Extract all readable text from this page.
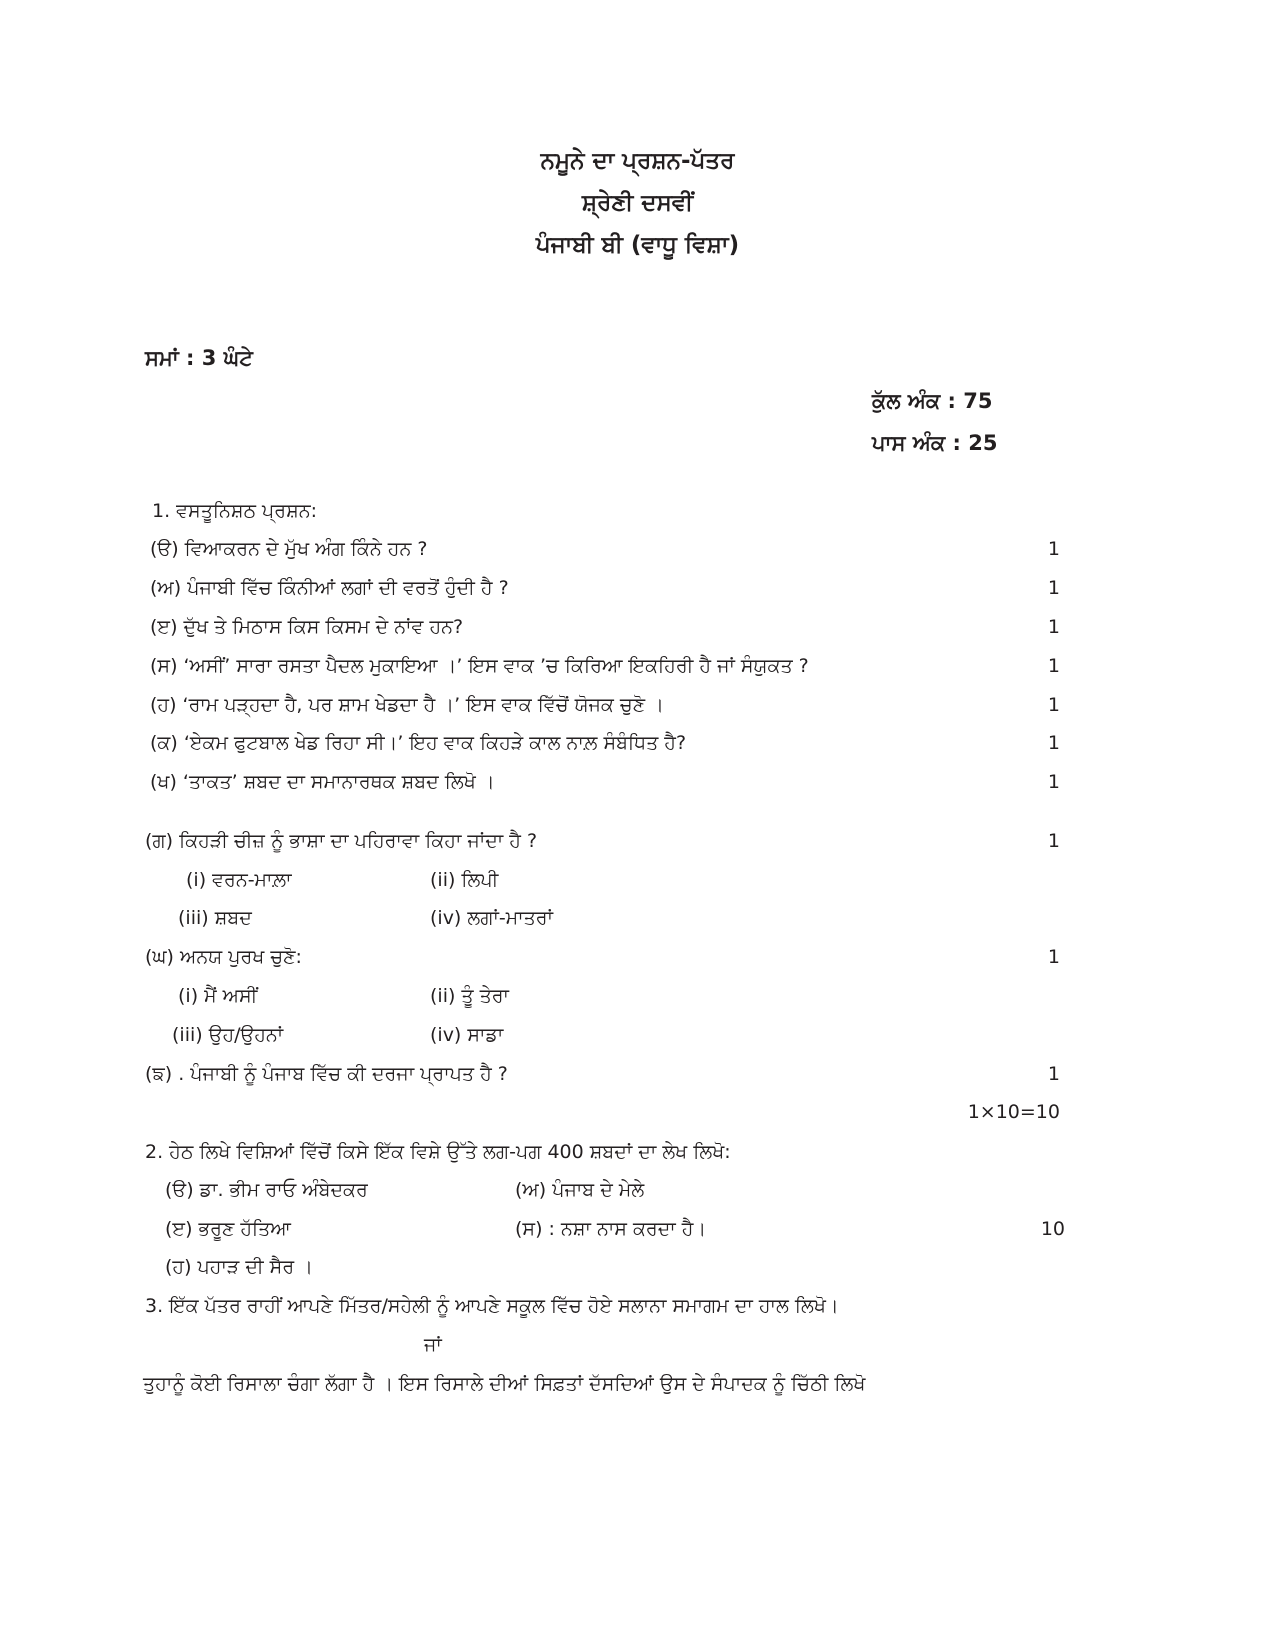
ਨਮੂਨੇ ਦਾ ਪ੍ਰਸ਼ਨ-ਪੱਤਰ
ਸ਼੍ਰੇਣੀ ਦਸਵੀਂ
ਪੰਜਾਬੀ ਬੀ (ਵਾਧੂ ਵਿਸ਼ਾ)
ਸਮਾਂ : 3 ਘੰਟੇ
ਕੁੱਲ ਅੰਕ : 75
ਪਾਸ ਅੰਕ : 25
1. ਵਸਤੂਨਿਸ਼ਠ ਪ੍ਰਸ਼ਨ:
(ੳ) ਵਿਆਕਰਨ ਦੇ ਮੁੱਖ ਅੰਗ ਕਿੰਨੇ ਹਨ ?	1
(ਅ) ਪੰਜਾਬੀ ਵਿੱਚ ਕਿੰਨੀਆਂ ਲਗਾਂ ਦੀ ਵਰਤੋਂ ਹੁੰਦੀ ਹੈ ?	1
(ੲ) ਦੁੱਖ ਤੇ ਮਿਠਾਸ ਕਿਸ ਕਿਸਮ ਦੇ ਨਾਂਵ ਹਨ?	1
(ਸ) ‘ਅਸੀਂ’ ਸਾਰਾ ਰਸਤਾ ਪੈਦਲ ਮੁਕਾਇਆ ।’ ਇਸ ਵਾਕ ’ਚ ਕਿਰਿਆ ਇਕਹਿਰੀ ਹੈ ਜਾਂ ਸੰਯੁਕਤ ?	1
(ਹ) ‘ਰਾਮ ਪੜ੍ਹਦਾ ਹੈ, ਪਰ ਸ਼ਾਮ ਖੇਡਦਾ ਹੈ ।’ ਇਸ ਵਾਕ ਵਿੱਚੋਂ ਯੋਜਕ ਚੁਣੋ ।	1
(ਕ) ‘ਏਕਮ ਫੁਟਬਾਲ ਖੇਡ ਰਿਹਾ ਸੀ।’ ਇਹ ਵਾਕ ਕਿਹੜੇ ਕਾਲ ਨਾਲ਼ ਸੰਬੰਧਿਤ ਹੈ?	1
(ਖ) ‘ਤਾਕਤ’ ਸ਼ਬਦ ਦਾ ਸਮਾਨਾਰਥਕ ਸ਼ਬਦ ਲਿਖੋ ।	1
(ਗ) ਕਿਹੜੀ ਚੀਜ਼ ਨੂੰ ਭਾਸ਼ਾ ਦਾ ਪਹਿਰਾਵਾ ਕਿਹਾ ਜਾਂਦਾ ਹੈ ?	1
(i) ਵਰਨ-ਮਾਲ਼ਾ	(ii) ਲਿਪੀ
(iii) ਸ਼ਬਦ	(iv) ਲਗਾਂ-ਮਾਤਰਾਂ
(ਘ) ਅਨਯ ਪੁਰਖ ਚੁਣੋ:	1
(i) ਮੈਂ ਅਸੀਂ	(ii) ਤੂੰ ਤੇਰਾ
(iii) ਉਹ/ਉਹਨਾਂ	(iv) ਸਾਡਾ
(ਙ) . ਪੰਜਾਬੀ ਨੂੰ ਪੰਜਾਬ ਵਿੱਚ ਕੀ ਦਰਜਾ ਪ੍ਰਾਪਤ ਹੈ ?	1
1×10=10
2. ਹੇਠ ਲਿਖੇ ਵਿਸ਼ਿਆਂ ਵਿੱਚੋਂ ਕਿਸੇ ਇੱਕ ਵਿਸ਼ੇ ਉੱਤੇ ਲਗ-ਪਗ 400 ਸ਼ਬਦਾਂ ਦਾ ਲੇਖ ਲਿਖੋ:
(ੳ) ਡਾ. ਭੀਮ ਰਾਓ ਅੰਬੇਦਕਰ	(ਅ) ਪੰਜਾਬ ਦੇ ਮੇਲੇ
(ੲ) ਭਰੂਣ ਹੱਤਿਆ	(ਸ) : ਨਸ਼ਾ ਨਾਸ ਕਰਦਾ ਹੈ।	10
(ਹ) ਪਹਾੜ ਦੀ ਸੈਰ ।
3. ਇੱਕ ਪੱਤਰ ਰਾਹੀਂ ਆਪਣੇ ਮਿੱਤਰ/ਸਹੇਲੀ ਨੂੰ ਆਪਣੇ ਸਕੂਲ ਵਿੱਚ ਹੋਏ ਸਲਾਨਾ ਸਮਾਗਮ ਦਾ ਹਾਲ ਲਿਖੋ।
ਜਾਂ
ਤੁਹਾਨੂੰ ਕੋਈ ਰਿਸਾਲਾ ਚੰਗਾ ਲੱਗਾ ਹੈ । ਇਸ ਰਿਸਾਲੇ ਦੀਆਂ ਸਿਫ਼ਤਾਂ ਦੱਸਦਿਆਂ ਉਸ ਦੇ ਸੰਪਾਦਕ ਨੂੰ ਚਿੱਠੀ ਲਿਖੋ
